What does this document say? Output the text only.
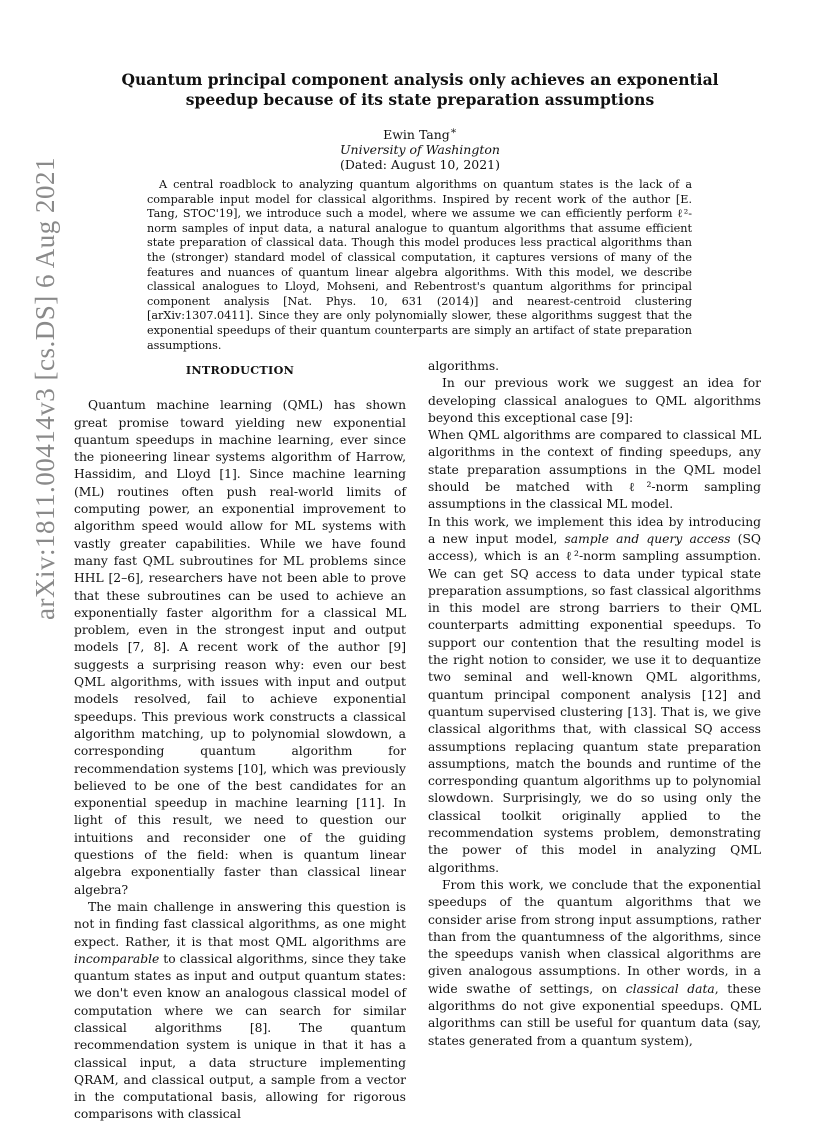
arXiv:1811.00414v3 [cs.DS] 6 Aug 2021
Quantum principal component analysis only achieves an exponential speedup because of its state preparation assumptions
Ewin Tang∗
University of Washington
(Dated: August 10, 2021)
A central roadblock to analyzing quantum algorithms on quantum states is the lack of a comparable input model for classical algorithms. Inspired by recent work of the author [E. Tang, STOC'19], we introduce such a model, where we assume we can efficiently perform ℓ²-norm samples of input data, a natural analogue to quantum algorithms that assume efficient state preparation of classical data. Though this model produces less practical algorithms than the (stronger) standard model of classical computation, it captures versions of many of the features and nuances of quantum linear algebra algorithms. With this model, we describe classical analogues to Lloyd, Mohseni, and Rebentrost's quantum algorithms for principal component analysis [Nat. Phys. 10, 631 (2014)] and nearest-centroid clustering [arXiv:1307.0411]. Since they are only polynomially slower, these algorithms suggest that the exponential speedups of their quantum counterparts are simply an artifact of state preparation assumptions.
INTRODUCTION

Quantum machine learning (QML) has shown great promise toward yielding new exponential quantum speedups in machine learning, ever since the pioneering linear systems algorithm of Harrow, Hassidim, and Lloyd [1]. Since machine learning (ML) routines often push real-world limits of computing power, an exponential improvement to algorithm speed would allow for ML systems with vastly greater capabilities. While we have found many fast QML subroutines for ML problems since HHL [2–6], researchers have not been able to prove that these subroutines can be used to achieve an exponentially faster algorithm for a classical ML problem, even in the strongest input and output models [7, 8]. A recent work of the author [9] suggests a surprising reason why: even our best QML algorithms, with issues with input and output models resolved, fail to achieve exponential speedups. This previous work constructs a classical algorithm matching, up to polynomial slowdown, a corresponding quantum algorithm for recommendation systems [10], which was previously believed to be one of the best candidates for an exponential speedup in machine learning [11]. In light of this result, we need to question our intuitions and reconsider one of the guiding questions of the field: when is quantum linear algebra exponentially faster than classical linear algebra?

The main challenge in answering this question is not in finding fast classical algorithms, as one might expect. Rather, it is that most QML algorithms are incomparable to classical algorithms, since they take quantum states as input and output quantum states: we don't even know an analogous classical model of computation where we can search for similar classical algorithms [8]. The quantum recommendation system is unique in that it has a classical input, a data structure implementing QRAM, and classical output, a sample from a vector in the computational basis, allowing for rigorous comparisons with classical

algorithms.

In our previous work we suggest an idea for developing classical analogues to QML algorithms beyond this exceptional case [9]:

When QML algorithms are compared to classical ML algorithms in the context of finding speedups, any state preparation assumptions in the QML model should be matched with ℓ²-norm sampling assumptions in the classical ML model.

In this work, we implement this idea by introducing a new input model, sample and query access (SQ access), which is an ℓ²-norm sampling assumption. We can get SQ access to data under typical state preparation assumptions, so fast classical algorithms in this model are strong barriers to their QML counterparts admitting exponential speedups. To support our contention that the resulting model is the right notion to consider, we use it to dequantize two seminal and well-known QML algorithms, quantum principal component analysis [12] and quantum supervised clustering [13]. That is, we give classical algorithms that, with classical SQ access assumptions replacing quantum state preparation assumptions, match the bounds and runtime of the corresponding quantum algorithms up to polynomial slowdown. Surprisingly, we do so using only the classical toolkit originally applied to the recommendation systems problem, demonstrating the power of this model in analyzing QML algorithms.

From this work, we conclude that the exponential speedups of the quantum algorithms that we consider arise from strong input assumptions, rather than from the quantumness of the algorithms, since the speedups vanish when classical algorithms are given analogous assumptions. In other words, in a wide swathe of settings, on classical data, these algorithms do not give exponential speedups. QML algorithms can still be useful for quantum data (say, states generated from a quantum system),
